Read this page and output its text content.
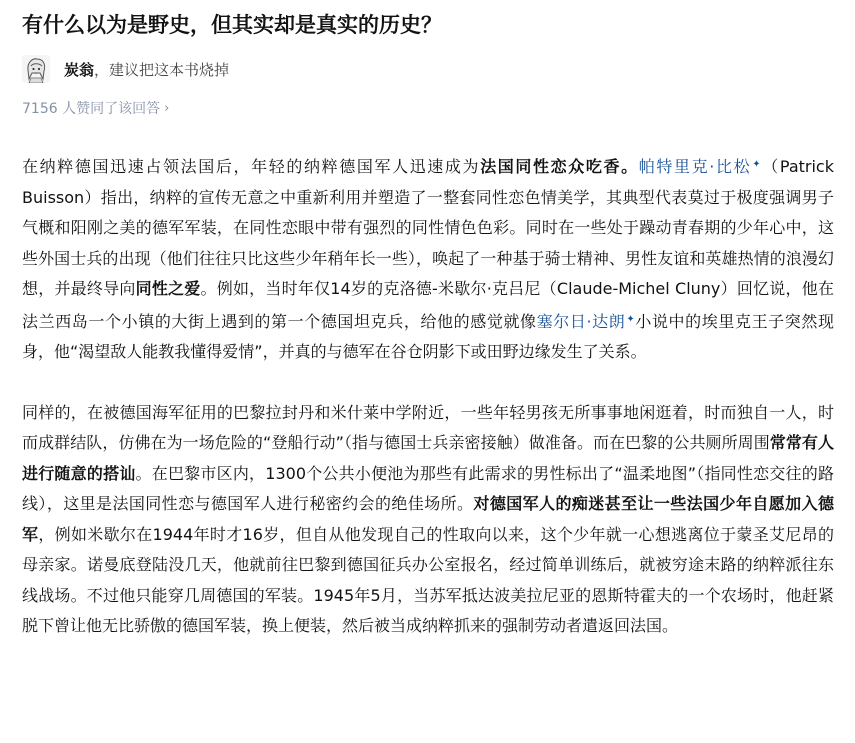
有什么以为是野史，但其实却是真实的历史？
炭翁 ， 建议把这本书烧掉
7156 人赞同了该回答 ›

在纳粹德国迅速占领法国后，年轻的纳粹德国军人迅速成为法国同性恋众吃香。帕特里克·比松✦（Patrick Buisson）指出，纳粹的宣传无意之中重新利用并塑造了一整套同性恋色情美学，其典型代表莫过于极度强调男子气概和阳刚之美的德军军装，在同性恋眼中带有强烈的同性情色色彩。同时在一些处于躁动青春期的少年心中，这些外国士兵的出现（他们往往只比这些少年稍年长一些），唤起了一种基于骑士精神、男性友谊和英雄热情的浪漫幻想，并最终导向同性之爱。例如，当时年仅14岁的克洛德-米歇尔·克吕尼（Claude-Michel Cluny）回忆说，他在法兰西岛一个小镇的大街上遇到的第一个德国坦克兵，给他的感觉就像塞尔日·达朗✦小说中的埃里克王子突然现身，他“渴望敌人能教我懂得爱情”，并真的与德军在谷仓阴影下或田野边缘发生了关系。

同样的，在被德国海军征用的巴黎拉封丹和米什莱中学附近，一些年轻男孩无所事事地闲逛着，时而独自一人，时而成群结队，仿佛在为一场危险的“登船行动”（指与德国士兵亲密接触）做准备。而在巴黎的公共厕所周围常常有人进行随意的搭讪。在巴黎市区内，1300个公共小便池为那些有此需求的男性标出了“温柔地图”（指同性恋交往的路线），这里是法国同性恋与德国军人进行秘密约会的绝佳场所。对德国军人的痴迷甚至让一些法国少年自愿加入德军，例如米歇尔在1944年时才16岁，但自从他发现自己的性取向以来，这个少年就一心想逃离位于蒙圣艾尼昂的母亲家。诺曼底登陆没几天，他就前往巴黎到德国征兵办公室报名，经过简单训练后，就被穷途末路的纳粹派往东线战场。不过他只能穿几周德国的军装。1945年5月，当苏军抵达波美拉尼亚的恩斯特霍夫的一个农场时，他赶紧脱下曾让他无比骄傲的德国军装，换上便装，然后被当成纳粹抓来的强制劳动者遣返回法国。
